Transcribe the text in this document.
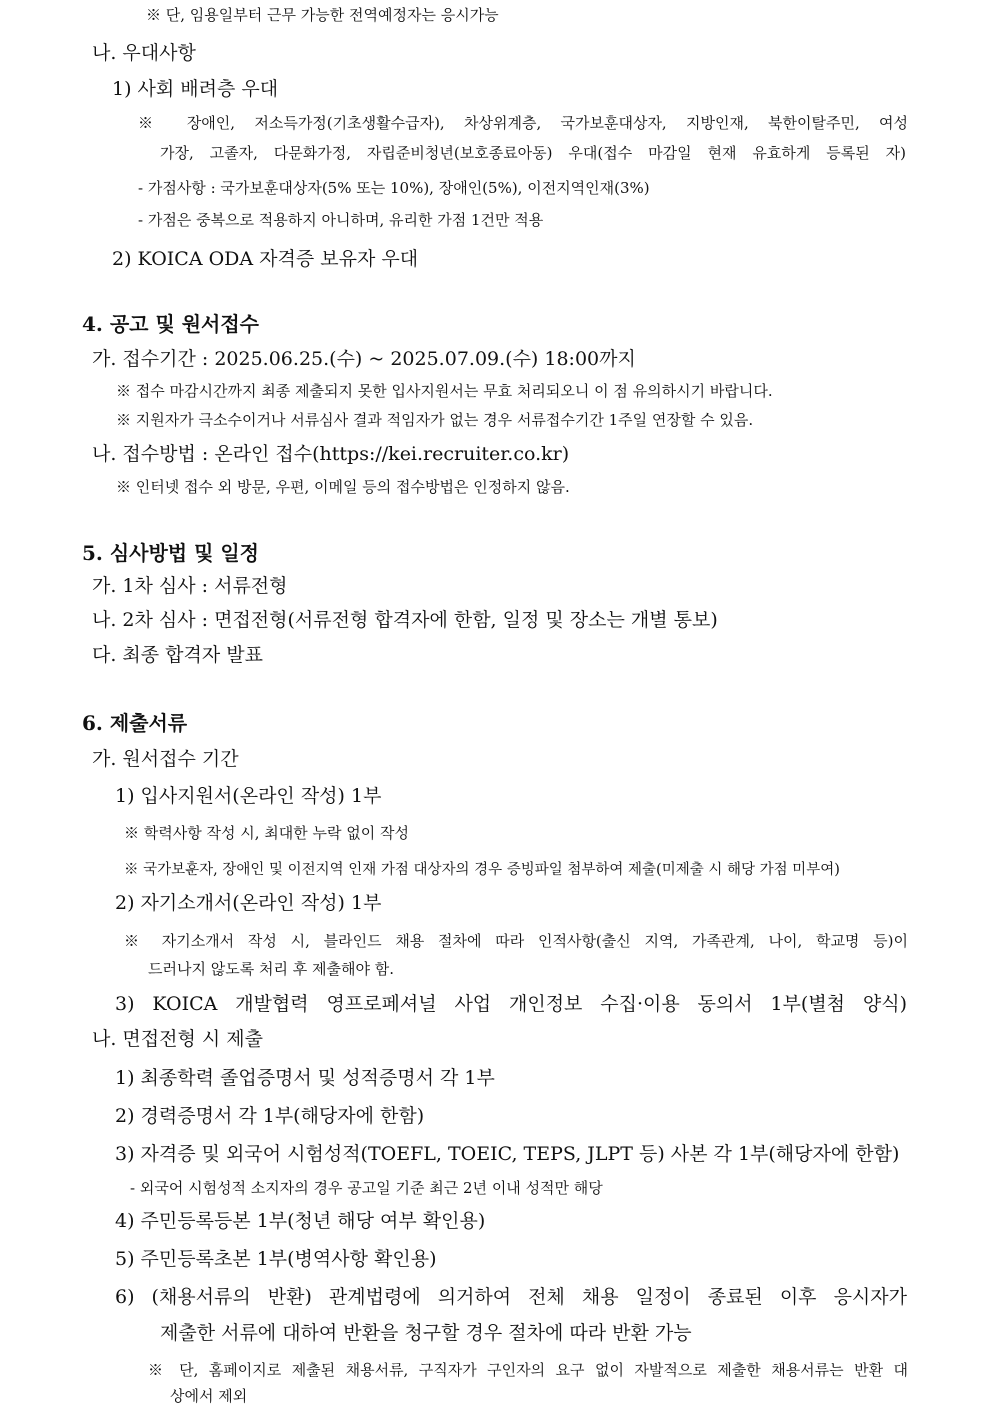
※ 단, 임용일부터 근무 가능한 전역예정자는 응시가능
나. 우대사항
1) 사회 배려층 우대
※ 장애인, 저소득가정(기초생활수급자), 차상위계층, 국가보훈대상자, 지방인재, 북한이탈주민, 여성
가장, 고졸자, 다문화가정, 자립준비청년(보호종료아동) 우대(접수 마감일 현재 유효하게 등록된 자)
- 가점사항 : 국가보훈대상자(5% 또는 10%), 장애인(5%), 이전지역인재(3%)
- 가점은 중복으로 적용하지 아니하며, 유리한 가점 1건만 적용
2) KOICA ODA 자격증 보유자 우대
4. 공고 및 원서접수
가. 접수기간 : 2025.06.25.(수) ~ 2025.07.09.(수) 18:00까지
※ 접수 마감시간까지 최종 제출되지 못한 입사지원서는 무효 처리되오니 이 점 유의하시기 바랍니다.
※ 지원자가 극소수이거나 서류심사 결과 적임자가 없는 경우 서류접수기간 1주일 연장할 수 있음.
나. 접수방법 : 온라인 접수(https://kei.recruiter.co.kr)
※ 인터넷 접수 외 방문, 우편, 이메일 등의 접수방법은 인정하지 않음.
5. 심사방법 및 일정
가. 1차 심사 : 서류전형
나. 2차 심사 : 면접전형(서류전형 합격자에 한함, 일정 및 장소는 개별 통보)
다. 최종 합격자 발표
6. 제출서류
가. 원서접수 기간
1) 입사지원서(온라인 작성) 1부
※ 학력사항 작성 시, 최대한 누락 없이 작성
※ 국가보훈자, 장애인 및 이전지역 인재 가점 대상자의 경우 증빙파일 첨부하여 제출(미제출 시 해당 가점 미부여)
2) 자기소개서(온라인 작성) 1부
※ 자기소개서 작성 시, 블라인드 채용 절차에 따라 인적사항(출신 지역, 가족관계, 나이, 학교명 등)이
드러나지 않도록 처리 후 제출해야 함.
3) KOICA 개발협력 영프로페셔널 사업 개인정보 수집·이용 동의서 1부(별첨 양식)
나. 면접전형 시 제출
1) 최종학력 졸업증명서 및 성적증명서 각 1부
2) 경력증명서 각 1부(해당자에 한함)
3) 자격증 및 외국어 시험성적(TOEFL, TOEIC, TEPS, JLPT 등) 사본 각 1부(해당자에 한함)
- 외국어 시험성적 소지자의 경우 공고일 기준 최근 2년 이내 성적만 해당
4) 주민등록등본 1부(청년 해당 여부 확인용)
5) 주민등록초본 1부(병역사항 확인용)
6) (채용서류의 반환) 관계법령에 의거하여 전체 채용 일정이 종료된 이후 응시자가
제출한 서류에 대하여 반환을 청구할 경우 절차에 따라 반환 가능
※ 단, 홈페이지로 제출된 채용서류, 구직자가 구인자의 요구 없이 자발적으로 제출한 채용서류는 반환 대
상에서 제외
